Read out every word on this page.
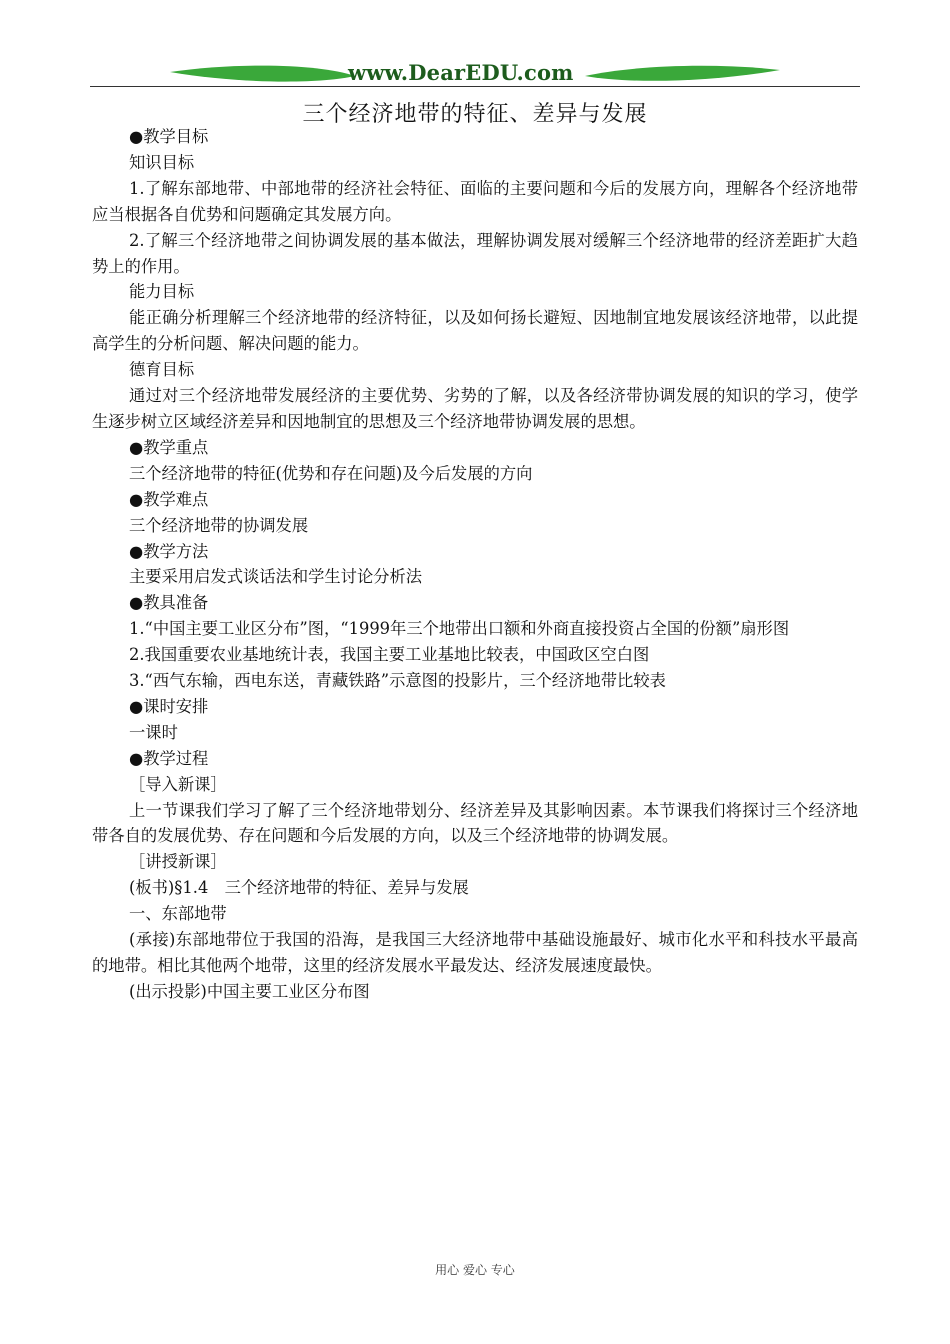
www.DearEDU.com
三个经济地带的特征、差异与发展

●教学目标

知识目标

1.了解东部地带、中部地带的经济社会特征、面临的主要问题和今后的发展方向，理解各个经济地带应当根据各自优势和问题确定其发展方向。

2.了解三个经济地带之间协调发展的基本做法，理解协调发展对缓解三个经济地带的经济差距扩大趋势上的作用。

能力目标

能正确分析理解三个经济地带的经济特征，以及如何扬长避短、因地制宜地发展该经济地带，以此提高学生的分析问题、解决问题的能力。

德育目标

通过对三个经济地带发展经济的主要优势、劣势的了解，以及各经济带协调发展的知识的学习，使学生逐步树立区域经济差异和因地制宜的思想及三个经济地带协调发展的思想。

●教学重点

三个经济地带的特征(优势和存在问题)及今后发展的方向

●教学难点

三个经济地带的协调发展

●教学方法

主要采用启发式谈话法和学生讨论分析法

●教具准备

1.“中国主要工业区分布”图，“1999年三个地带出口额和外商直接投资占全国的份额”扇形图

2.我国重要农业基地统计表，我国主要工业基地比较表，中国政区空白图

3.“西气东输，西电东送，青藏铁路”示意图的投影片，三个经济地带比较表

●课时安排

一课时

●教学过程

［导入新课］

上一节课我们学习了解了三个经济地带划分、经济差异及其影响因素。本节课我们将探讨三个经济地带各自的发展优势、存在问题和今后发展的方向，以及三个经济地带的协调发展。

［讲授新课］

(板书)§1.4　三个经济地带的特征、差异与发展

一、东部地带

(承接)东部地带位于我国的沿海，是我国三大经济地带中基础设施最好、城市化水平和科技水平最高的地带。相比其他两个地带，这里的经济发展水平最发达、经济发展速度最快。

(出示投影)中国主要工业区分布图

用心 爱心 专心
